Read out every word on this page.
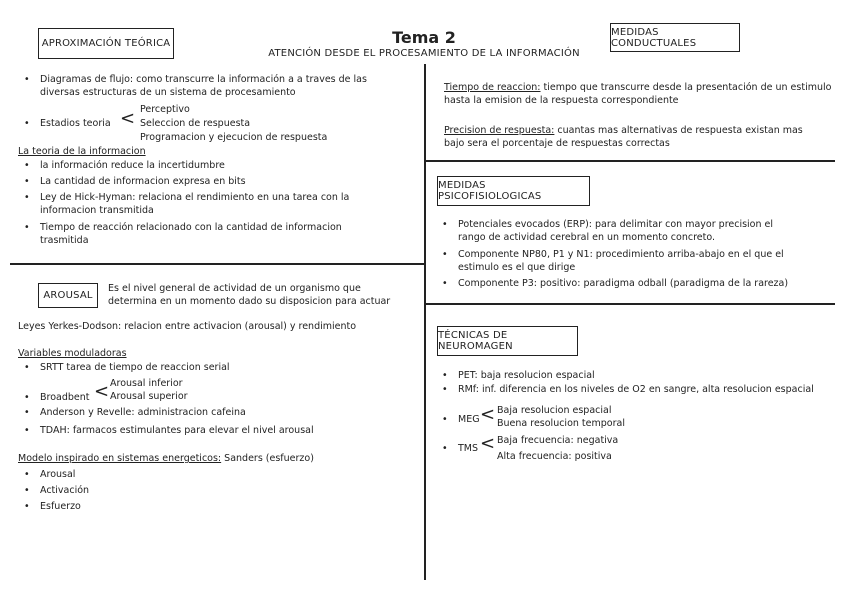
Tema 2
ATENCIÓN DESDE EL PROCESAMIENTO DE LA INFORMACIÓN
APROXIMACIÓN TEÓRICA
• Diagramas de flujo: como transcurre la información a a traves de las
diversas estructuras de un sistema de procesamiento
• Estadios teoria < Perceptivo
Seleccion de respuesta
Programacion y ejecucion de respuesta
La teoria de la informacion
• la información reduce la incertidumbre
• La cantidad de informacion expresa en bits
• Ley de Hick-Hyman: relaciona el rendimiento en una tarea con la
informacion transmitida
• Tiempo de reacción relacionado con la cantidad de informacion
trasmitida
AROUSAL
Es el nivel general de actividad de un organismo que
determina en un momento dado su disposicion para actuar
Leyes Yerkes-Dodson: relacion entre activacion (arousal) y rendimiento
Variables moduladoras
• SRTT tarea de tiempo de reaccion serial
• Broadbent < Arousal inferior
Arousal superior
• Anderson y Revelle: administracion cafeina
• TDAH: farmacos estimulantes para elevar el nivel arousal
Modelo inspirado en sistemas energeticos: Sanders (esfuerzo)
• Arousal
• Activación
• Esfuerzo
MEDIDAS CONDUCTUALES
Tiempo de reaccion: tiempo que transcurre desde la presentación de un estimulo
hasta la emision de la respuesta correspondiente
Precision de respuesta: cuantas mas alternativas de respuesta existan mas
bajo sera el porcentaje de respuestas correctas
MEDIDAS PSICOFISIOLOGICAS
• Potenciales evocados (ERP): para delimitar con mayor precision el
rango de actividad cerebral en un momento concreto.
• Componente NP80, P1 y N1: procedimiento arriba-abajo en el que el
estimulo es el que dirige
• Componente P3: positivo: paradigma odball (paradigma de la rareza)
TÉCNICAS DE NEUROMAGEN
• PET: baja resolucion espacial
• RMf: inf. diferencia en los niveles de O2 en sangre, alta resolucion espacial
• MEG < Baja resolucion espacial
Buena resolucion temporal
• TMS < Baja frecuencia: negativa
Alta frecuencia: positiva
